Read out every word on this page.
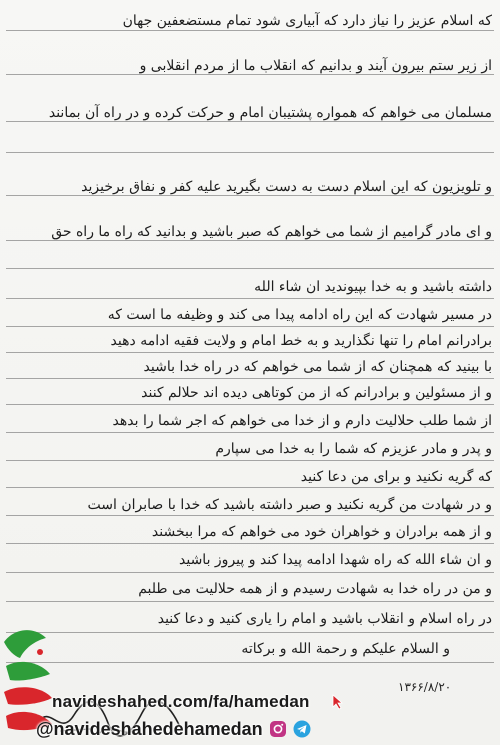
که اسلام عزیز را نیاز دارد که آبیاری شود تمام مستضعفین جهان
از زیر ستم بیرون آیند و بدانیم که انقلاب ما از مردم انقلابی و
مسلمان می خواهم که همواره پشتیبان امام و حرکت کرده و در راه آن بمانند
و تلویزیون که این اسلام دست به دست بگیرید علیه کفر و نفاق برخیزید
و ای مادر گرامیم از شما می خواهم که صبر باشید و بدانید که راه ما راه حق
داشته باشید و به خدا بپیوندید ان شاء الله
در مسیر شهادت که این راه ادامه پیدا می کند و وظیفه ما است که
برادرانم امام را تنها نگذارید و به خط امام و ولایت فقیه ادامه دهید
با بینید که همچنان که از شما می خواهم که در راه خدا باشید
و از مسئولین و برادرانم که از من کوتاهی دیده اند حلالم کنند
از شما طلب حلالیت دارم و از خدا می خواهم که اجر شما را بدهد
و پدر و مادر عزیزم که شما را به خدا می سپارم
که گریه نکنید و برای من دعا کنید
و در شهادت من گریه نکنید و صبر داشته باشید که خدا با صابران است
و از همه برادران و خواهران خود می خواهم که مرا ببخشند
و ان شاء الله که راه شهدا ادامه پیدا کند و پیروز باشید
و من در راه خدا به شهادت رسیدم و از همه حلالیت می طلبم
در راه اسلام و انقلاب باشید و امام را یاری کنید و دعا کنید
و السلام علیکم و رحمة الله و برکاته
۱۳۶۶/۸/۲۰
navideshahed.com/fa/hamedan
@navideshahedehamedan
